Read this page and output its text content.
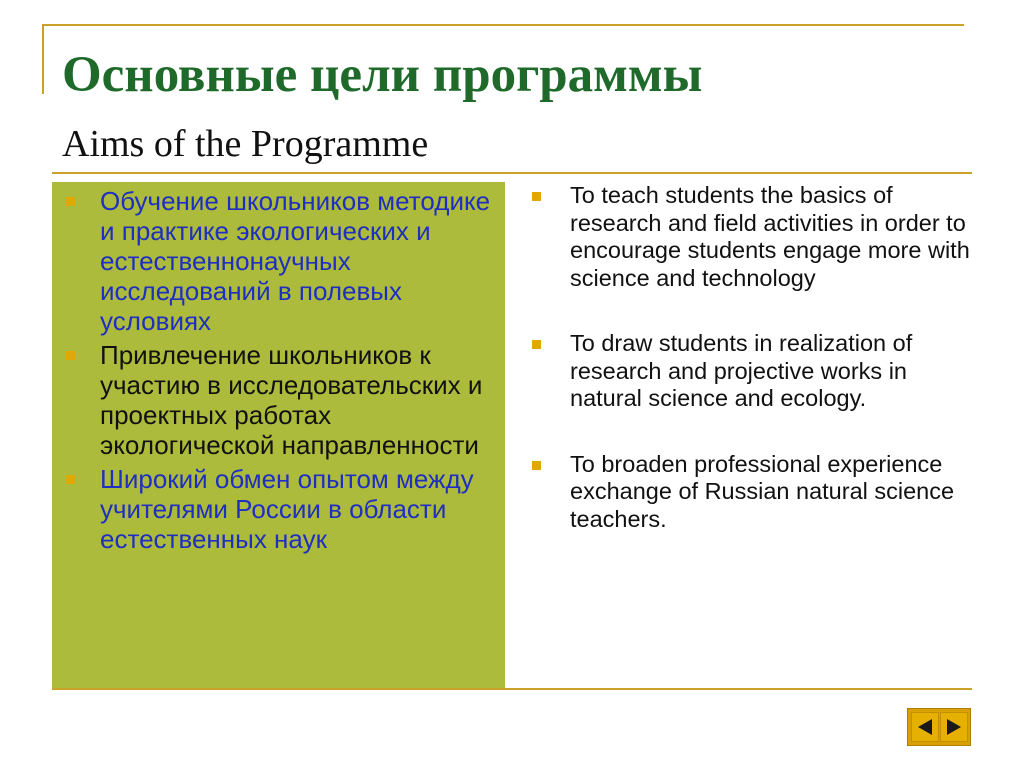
Основные цели программы
Aims of the Programme
Обучение школьников методике и практике экологических и естественнонаучных исследований в полевых условиях
Привлечение школьников к участию в исследовательских и проектных работах экологической направленности
Широкий обмен опытом между учителями России в области естественных наук
To teach students the basics of research and field activities in order to encourage students engage more with science and technology
To draw students in realization of research and projective works in natural science and ecology.
To broaden professional experience exchange of Russian natural science teachers.
